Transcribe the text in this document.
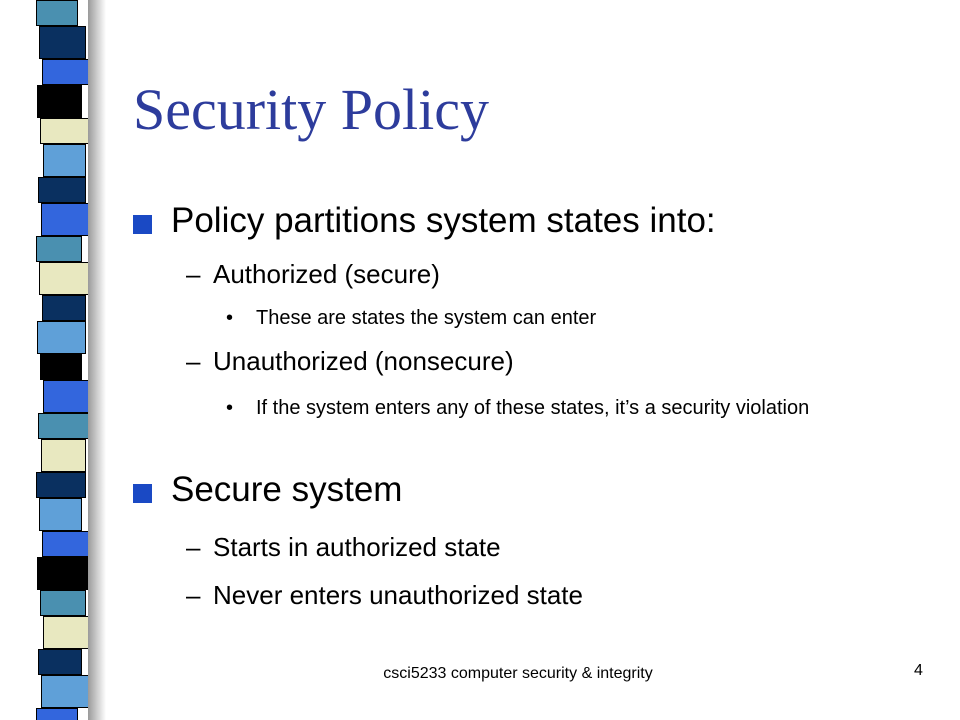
Security Policy
Policy partitions system states into:
– Authorized (secure)
• These are states the system can enter
– Unauthorized (nonsecure)
•	If the system enters any of these states, it’s a security violation
Secure system
– Starts in authorized state
– Never enters unauthorized state
csci5233 computer security & integrity	4
